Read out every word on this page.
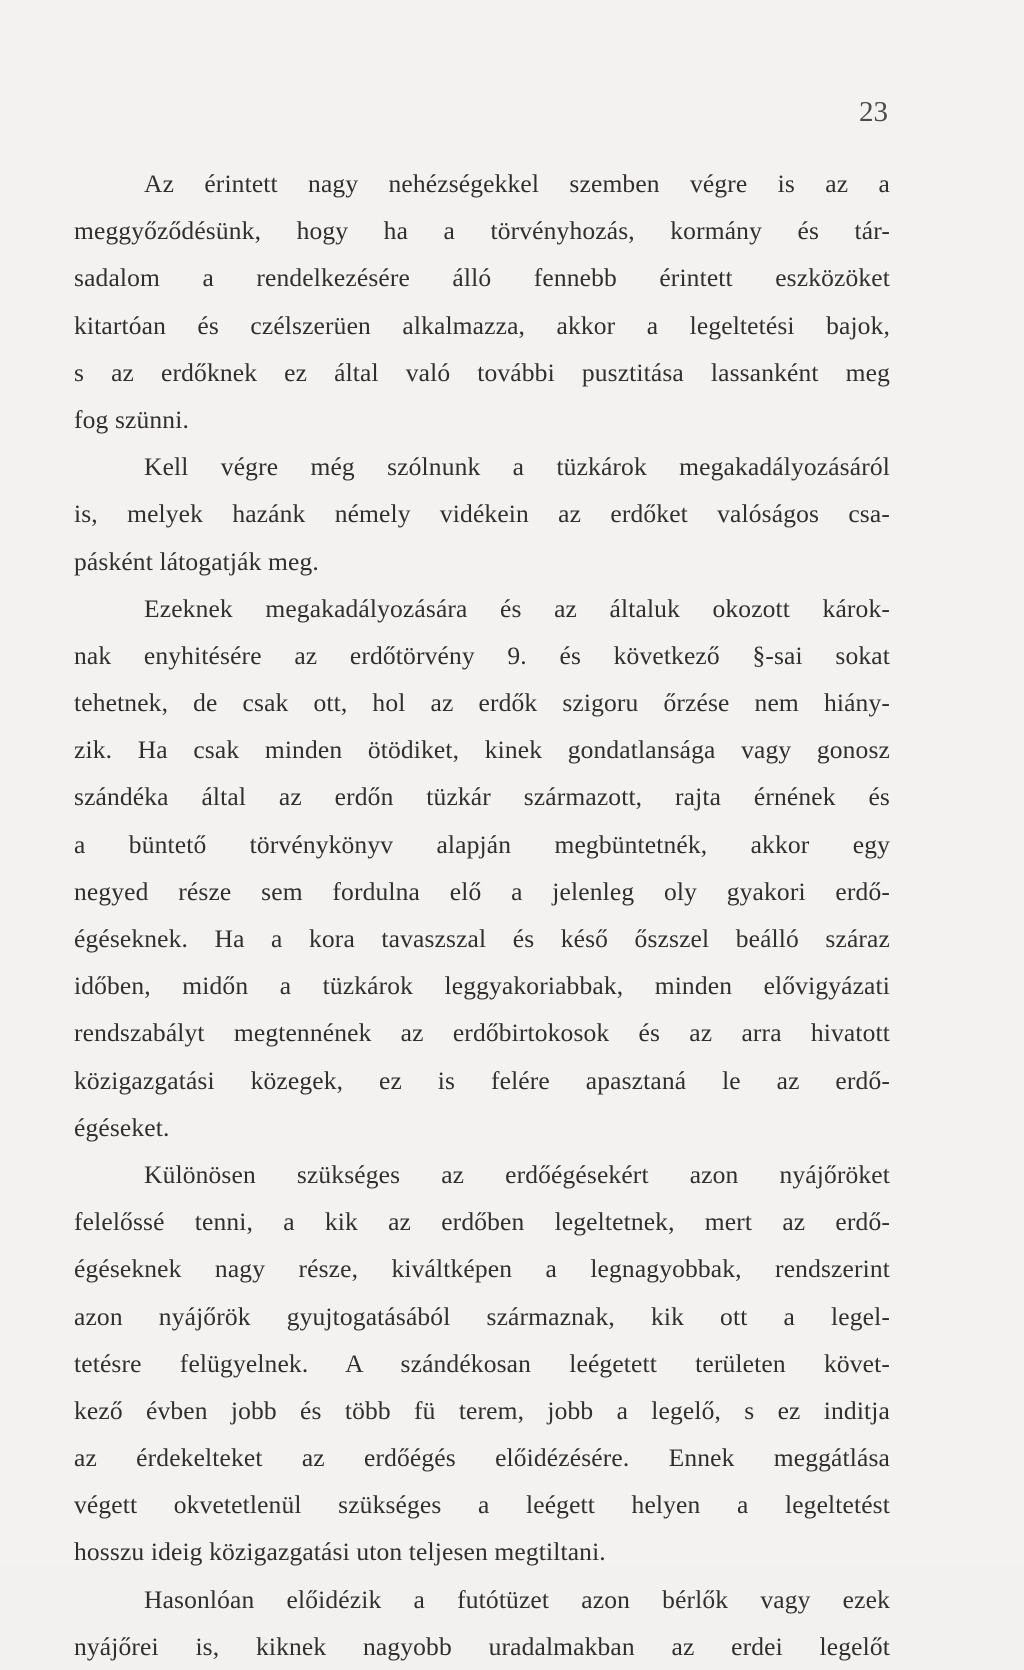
23
Az érintett nagy nehézségekkel szemben végre is az a
meggyőződésünk, hogy ha a törvényhozás, kormány és tár-
sadalom a rendelkezésére álló fennebb érintett eszközöket
kitartóan és czélszerüen alkalmazza, akkor a legeltetési bajok,
s az erdőknek ez által való további pusztitása lassanként meg
fog szünni.
Kell végre még szólnunk a tüzkárok megakadályozásáról
is, melyek hazánk némely vidékein az erdőket valóságos csa-
pásként látogatják meg.
Ezeknek megakadályozására és az általuk okozott károk-
nak enyhitésére az erdőtörvény 9. és következő §-sai sokat
tehetnek, de csak ott, hol az erdők szigoru őrzése nem hiány-
zik. Ha csak minden ötödiket, kinek gondatlansága vagy gonosz
szándéka által az erdőn tüzkár származott, rajta érnének és
a büntető törvénykönyv alapján megbüntetnék, akkor egy
negyed része sem fordulna elő a jelenleg oly gyakori erdő-
égéseknek. Ha a kora tavaszszal és késő őszszel beálló száraz
időben, midőn a tüzkárok leggyakoriabbak, minden elővigyázati
rendszabályt megtennének az erdőbirtokosok és az arra hivatott
közigazgatási közegek, ez is felére apasztaná le az erdő-
égéseket.
Különösen szükséges az erdőégésekért azon nyájőröket
felelőssé tenni, a kik az erdőben legeltetnek, mert az erdő-
égéseknek nagy része, kiváltképen a legnagyobbak, rendszerint
azon nyájőrök gyujtogatásából származnak, kik ott a legel-
tetésre felügyelnek. A szándékosan leégetett területen követ-
kező évben jobb és több fü terem, jobb a legelő, s ez inditja
az érdekelteket az erdőégés előidézésére. Ennek meggátlása
végett okvetetlenül szükséges a leégett helyen a legeltetést
hosszu ideig közigazgatási uton teljesen megtiltani.
Hasonlóan előidézik a futótüzet azon bérlők vagy ezek
nyájőrei is, kiknek nagyobb uradalmakban az erdei legelőt
